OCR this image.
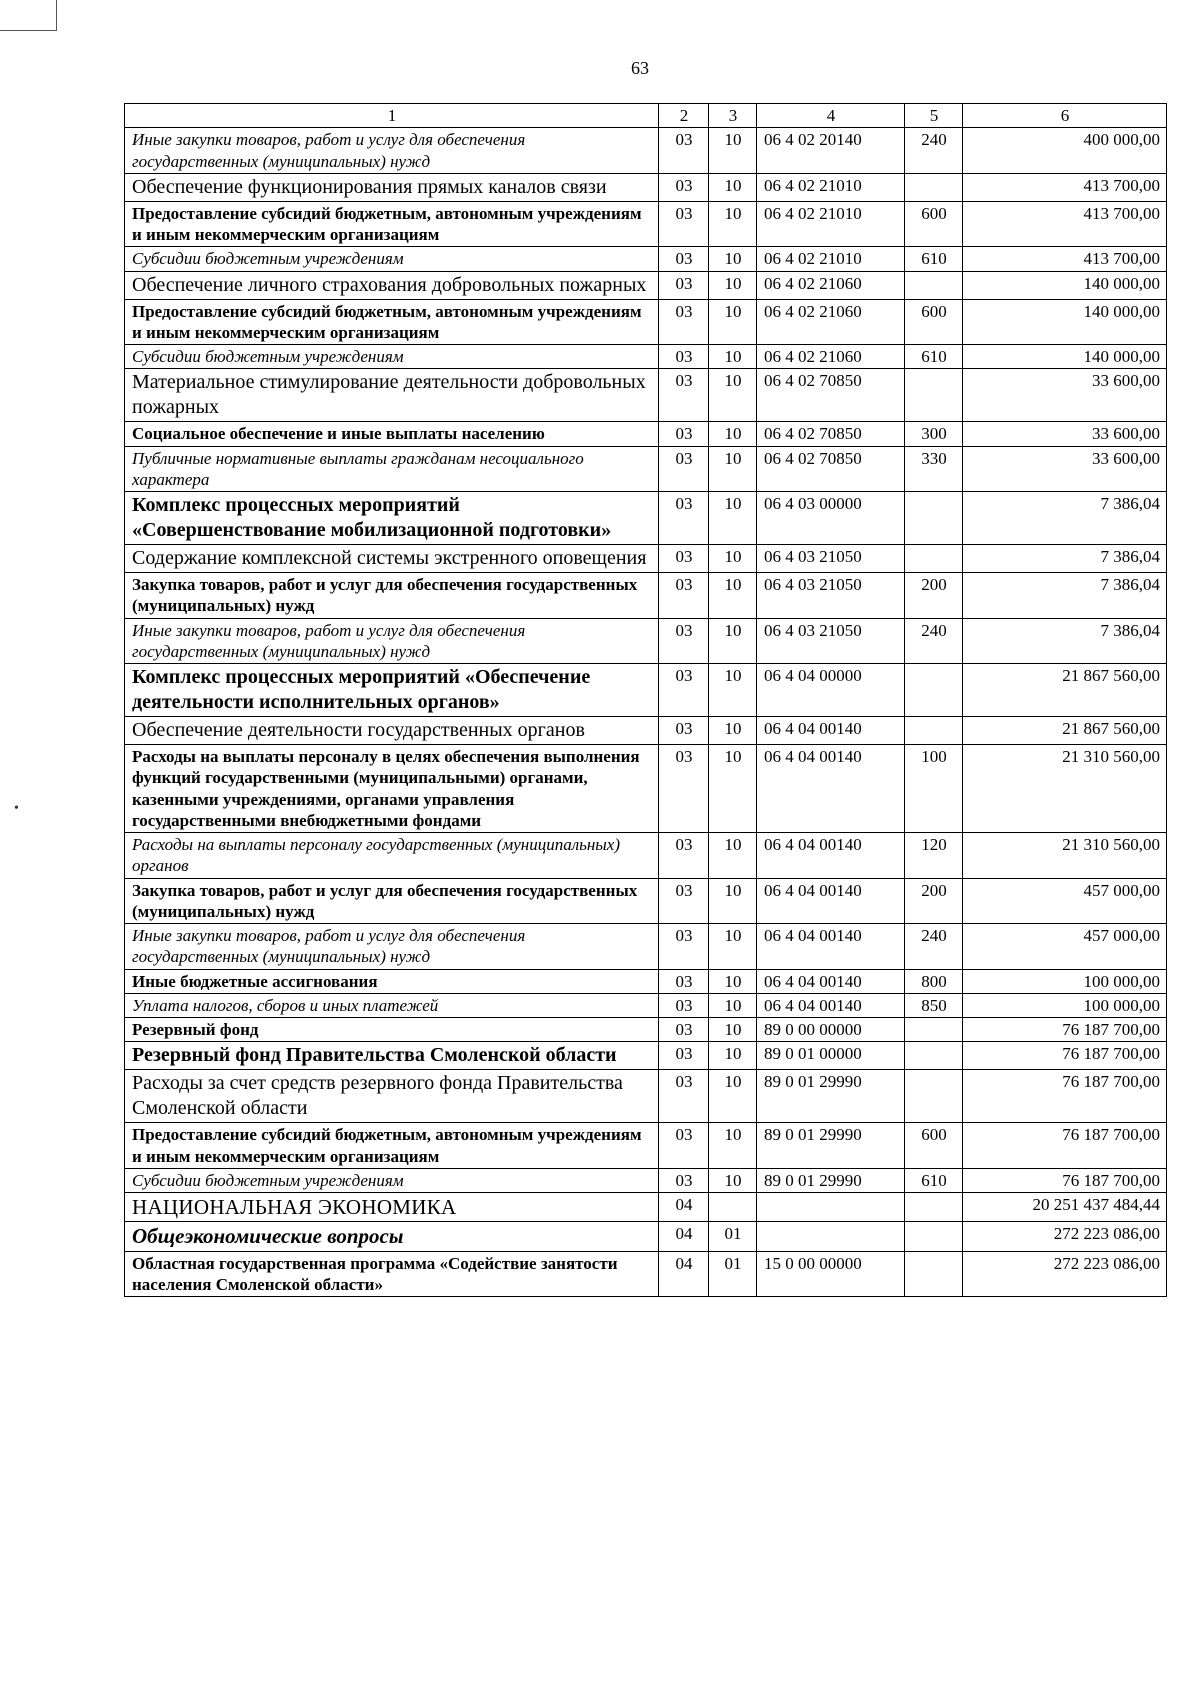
•
63
1	2	3	4	5	6
Иные закупки товаров, работ и услуг для обеспечения государственных (муниципальных) нужд	03	10	06 4 02 20140	240	400 000,00
Обеспечение функционирования прямых каналов связи	03	10	06 4 02 21010		413 700,00
Предоставление субсидий бюджетным, автономным учреждениям и иным некоммерческим организациям	03	10	06 4 02 21010	600	413 700,00
Субсидии бюджетным учреждениям	03	10	06 4 02 21010	610	413 700,00
Обеспечение личного страхования добровольных пожарных	03	10	06 4 02 21060		140 000,00
Предоставление субсидий бюджетным, автономным учреждениям и иным некоммерческим организациям	03	10	06 4 02 21060	600	140 000,00
Субсидии бюджетным учреждениям	03	10	06 4 02 21060	610	140 000,00
Материальное стимулирование деятельности добровольных пожарных	03	10	06 4 02 70850		33 600,00
Социальное обеспечение и иные выплаты населению	03	10	06 4 02 70850	300	33 600,00
Публичные нормативные выплаты гражданам несоциального характера	03	10	06 4 02 70850	330	33 600,00
Комплекс процессных мероприятий «Совершенствование мобилизационной подготовки»	03	10	06 4 03 00000		7 386,04
Содержание комплексной системы экстренного оповещения	03	10	06 4 03 21050		7 386,04
Закупка товаров, работ и услуг для обеспечения государственных (муниципальных) нужд	03	10	06 4 03 21050	200	7 386,04
Иные закупки товаров, работ и услуг для обеспечения государственных (муниципальных) нужд	03	10	06 4 03 21050	240	7 386,04
Комплекс процессных мероприятий «Обеспечение деятельности исполнительных органов»	03	10	06 4 04 00000		21 867 560,00
Обеспечение деятельности государственных органов	03	10	06 4 04 00140		21 867 560,00
Расходы на выплаты персоналу в целях обеспечения выполнения функций государственными (муниципальными) органами, казенными учреждениями, органами управления государственными внебюджетными фондами	03	10	06 4 04 00140	100	21 310 560,00
Расходы на выплаты персоналу государственных (муниципальных) органов	03	10	06 4 04 00140	120	21 310 560,00
Закупка товаров, работ и услуг для обеспечения государственных (муниципальных) нужд	03	10	06 4 04 00140	200	457 000,00
Иные закупки товаров, работ и услуг для обеспечения государственных (муниципальных) нужд	03	10	06 4 04 00140	240	457 000,00
Иные бюджетные ассигнования	03	10	06 4 04 00140	800	100 000,00
Уплата налогов, сборов и иных платежей	03	10	06 4 04 00140	850	100 000,00
Резервный фонд	03	10	89 0 00 00000		76 187 700,00
Резервный фонд Правительства Смоленской области	03	10	89 0 01 00000		76 187 700,00
Расходы за счет средств резервного фонда Правительства Смоленской области	03	10	89 0 01 29990		76 187 700,00
Предоставление субсидий бюджетным, автономным учреждениям и иным некоммерческим организациям	03	10	89 0 01 29990	600	76 187 700,00
Субсидии бюджетным учреждениям	03	10	89 0 01 29990	610	76 187 700,00
НАЦИОНАЛЬНАЯ ЭКОНОМИКА	04				20 251 437 484,44
Общеэкономические вопросы	04	01			272 223 086,00
Областная государственная программа «Содействие занятости населения Смоленской области»	04	01	15 0 00 00000		272 223 086,00
